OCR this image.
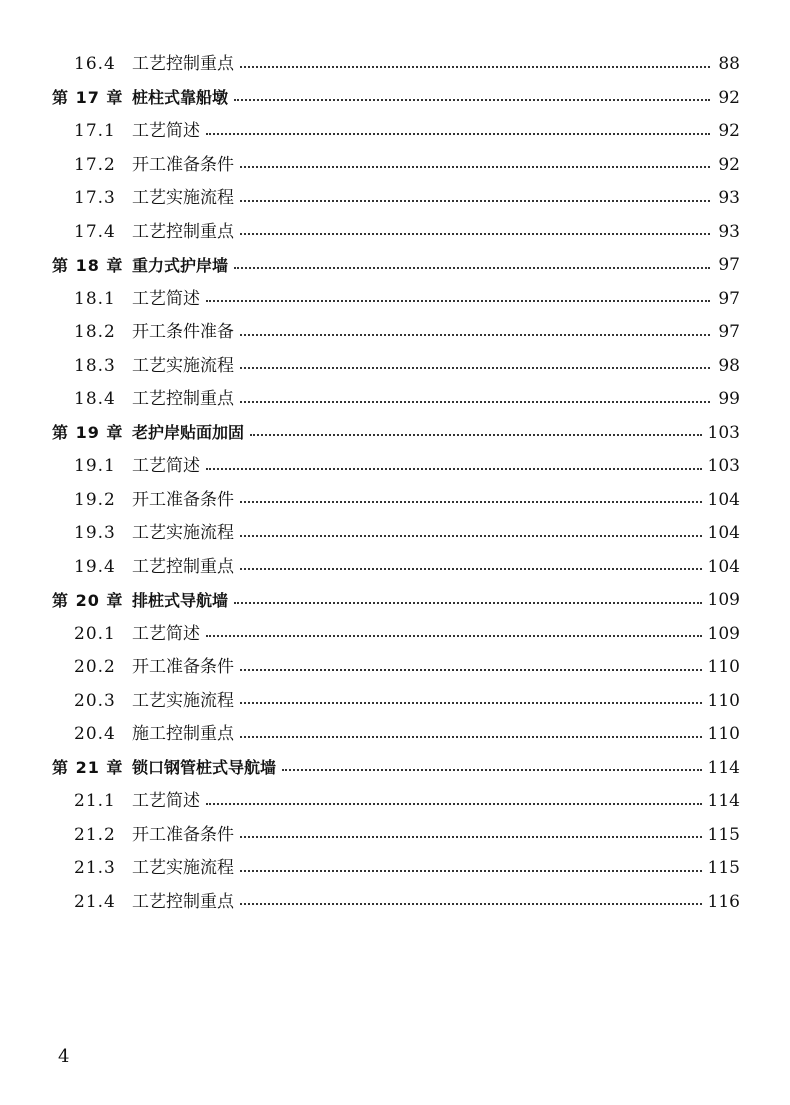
16.4 工艺控制重点	88
第 17 章 桩柱式靠船墩	92
17.1 工艺简述	92
17.2 开工准备条件	92
17.3 工艺实施流程	93
17.4 工艺控制重点	93
第 18 章 重力式护岸墙	97
18.1 工艺简述	97
18.2 开工条件准备	97
18.3 工艺实施流程	98
18.4 工艺控制重点	99
第 19 章 老护岸贴面加固	103
19.1 工艺简述	103
19.2 开工准备条件	104
19.3 工艺实施流程	104
19.4 工艺控制重点	104
第 20 章 排桩式导航墙	109
20.1 工艺简述	109
20.2 开工准备条件	110
20.3 工艺实施流程	110
20.4 施工控制重点	110
第 21 章 锁口钢管桩式导航墙	114
21.1 工艺简述	114
21.2 开工准备条件	115
21.3 工艺实施流程	115
21.4 工艺控制重点	116
4
